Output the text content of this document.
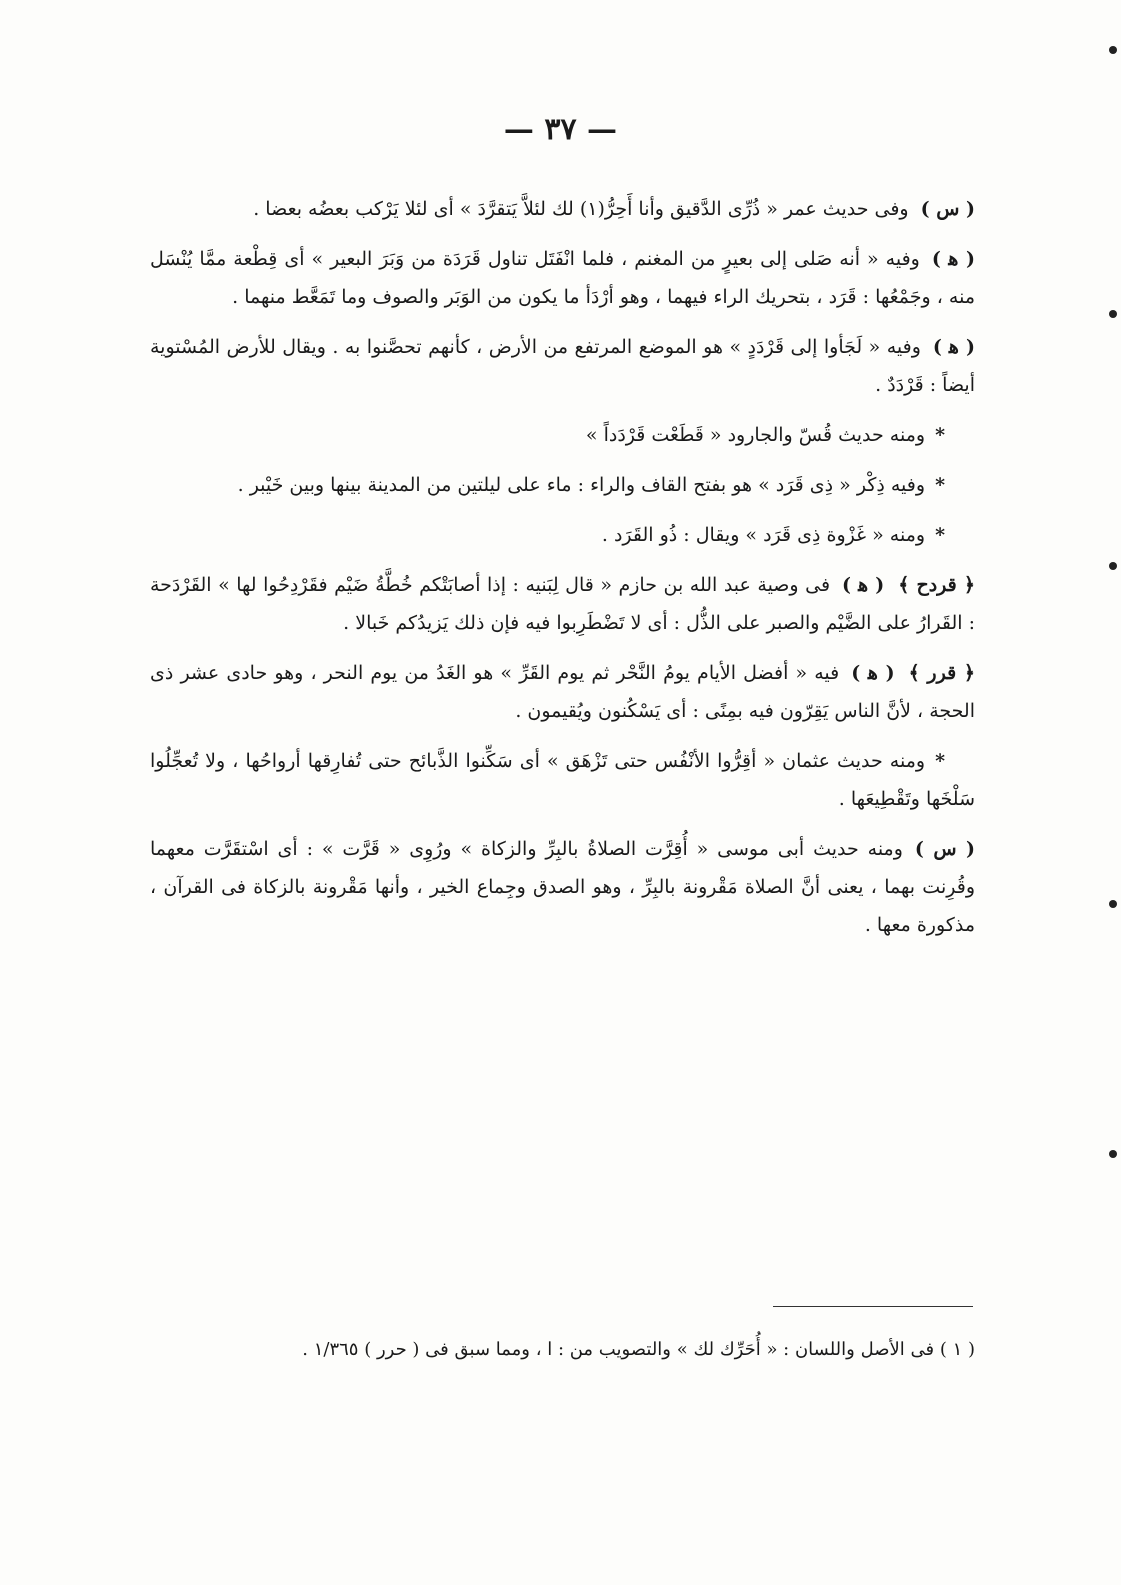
— ٣٧ —

( س )وفى حديث عمر « ذُرِّى الدَّقيق وأنا أَحِرُّ(١) لك لئلاَّ يَتقرَّدَ » أى لئلا يَرْكب بعضُه بعضا .

( ﻫ )وفيه « أنه صَلى إلى بعيرٍ من المغنم ، فلما انْفَتَل تناول قَرَدَة من وَبَرَ البعير » أى قِطْعة ممَّا يُنْسَل منه ، وجَمْعُها : قَرَد ، بتحريك الراء فيهما ، وهو أرْدَأ ما يكون من الوَبَر والصوف وما تَمَعَّط منهما .

( ﻫ )وفيه « لَجَأوا إلى قَرْدَدٍ » هو الموضع المرتفع من الأرض ، كأنهم تحصَّنوا به . ويقال للأرض المُسْتوية أيضاً : قَرْدَدٌ .

*ومنه حديث قُسّ والجارود « قَطَعْت قَرْدَداً »

*وفيه ذِكْر « ذِى قَرَد » هو بفتح القاف والراء : ماء على ليلتين من المدينة بينها وبين خَيْبر .

*ومنه « غَزْوة ذِى قَرَد » ويقال : ذُو القَرَد .

﴿ قردح ﴾( ﻫ )فى وصية عبد الله بن حازم « قال لِبَنيه : إذا أصابَتْكم خُطَّةُ ضَيْم فقَرْدِحُوا لها » القَرْدَحة : القَرارُ على الضَّيْم والصبر على الذُّل : أى لا تَضْطَرِبوا فيه فإن ذلك يَزيدُكم خَبالا .

﴿ قرر ﴾( ﻫ )فيه « أفضل الأيام يومُ النَّحْر ثم يوم القَرِّ » هو الغَدُ من يوم النحر ، وهو حادى عشر ذى الحجة ، لأنَّ الناس يَقِرّون فيه بمِنًى : أى يَسْكُنون ويُقيمون .

*ومنه حديث عثمان « أقِرُّوا الأنْفُس حتى تَزْهَق » أى سَكِّنوا الذَّبائح حتى تُفارِقها أرواحُها ، ولا تُعجِّلُوا سَلْخَها وتَقْطِيعَها .

( س )ومنه حديث أبى موسى « أُقِرَّت الصلاةُ بالبِرِّ والزكاة » ورُوِى « قَرَّت » : أى اسْتقَرَّت معهما وقُرِنت بهما ، يعنى أنَّ الصلاة مَقْرونة بالبِرِّ ، وهو الصدق وجِماع الخير ، وأنها مَقْرونة بالزكاة فى القرآن ، مذكورة معها .

( ١ ) فى الأصل واللسان : « أُحَرِّك لك » والتصويب من : ا ، ومما سبق فى ( حرر ) ١/٣٦٥ .
